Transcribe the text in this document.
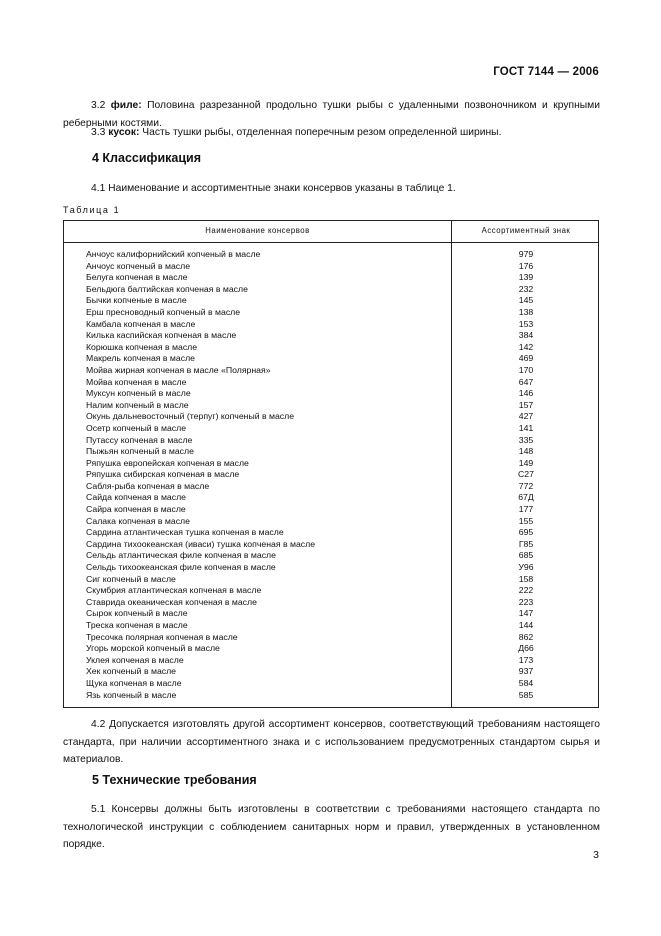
ГОСТ 7144 — 2006
3.2 филе: Половина разрезанной продольно тушки рыбы с удаленными позвоночником и крупными реберными костями.
3.3 кусок: Часть тушки рыбы, отделенная поперечным резом определенной ширины.
4 Классификация
4.1 Наименование и ассортиментные знаки консервов указаны в таблице 1.
Таблица 1
Наименование консервов	Ассортиментный знак
Анчоус калифорнийский копченый в масле	979
Анчоус копченый в масле	176
Белуга копченая в масле	139
Бельдюга балтийская копченая в масле	232
Бычки копченые в масле	145
Ерш пресноводный копченый в масле	138
Камбала копченая в масле	153
Килька каспийская копченая в масле	384
Корюшка копченая в масле	142
Макрель копченая в масле	469
Мойва жирная копченая в масле «Полярная»	170
Мойва копченая в масле	647
Муксун копченый в масле	146
Налим копченый в масле	157
Окунь дальневосточный (терпуг) копченый в масле	427
Осетр копченый в масле	141
Путассу копченая в масле	335
Пыжьян копченый в масле	148
Ряпушка европейская копченая в масле	149
Ряпушка сибирская копченая в масле	С27
Сабля-рыба копченая в масле	772
Сайда копченая в масле	67Д
Сайра копченая в масле	177
Салака копченая в масле	155
Сардина атлантическая тушка копченая в масле	695
Сардина тихоокеанская (иваси) тушка копченая в масле	Г85
Сельдь атлантическая филе копченая в масле	685
Сельдь тихоокеанская филе копченая в масле	У96
Сиг копченый в масле	158
Скумбрия атлантическая копченая в масле	222
Ставрида океаническая копченая в масле	223
Сырок копченый в масле	147
Треска копченая в масле	144
Тресочка полярная копченая в масле	862
Угорь морской копченый в масле	Д66
Уклея копченая в масле	173
Хек копченый в масле	937
Щука копченая в масле	584
Язь копченый в масле	585
4.2 Допускается изготовлять другой ассортимент консервов, соответствующий требованиям настоящего стандарта, при наличии ассортиментного знака и с использованием предусмотренных стандартом сырья и материалов.
5 Технические требования
5.1 Консервы должны быть изготовлены в соответствии с требованиями настоящего стандарта по технологической инструкции с соблюдением санитарных норм и правил, утвержденных в установленном порядке.
3
